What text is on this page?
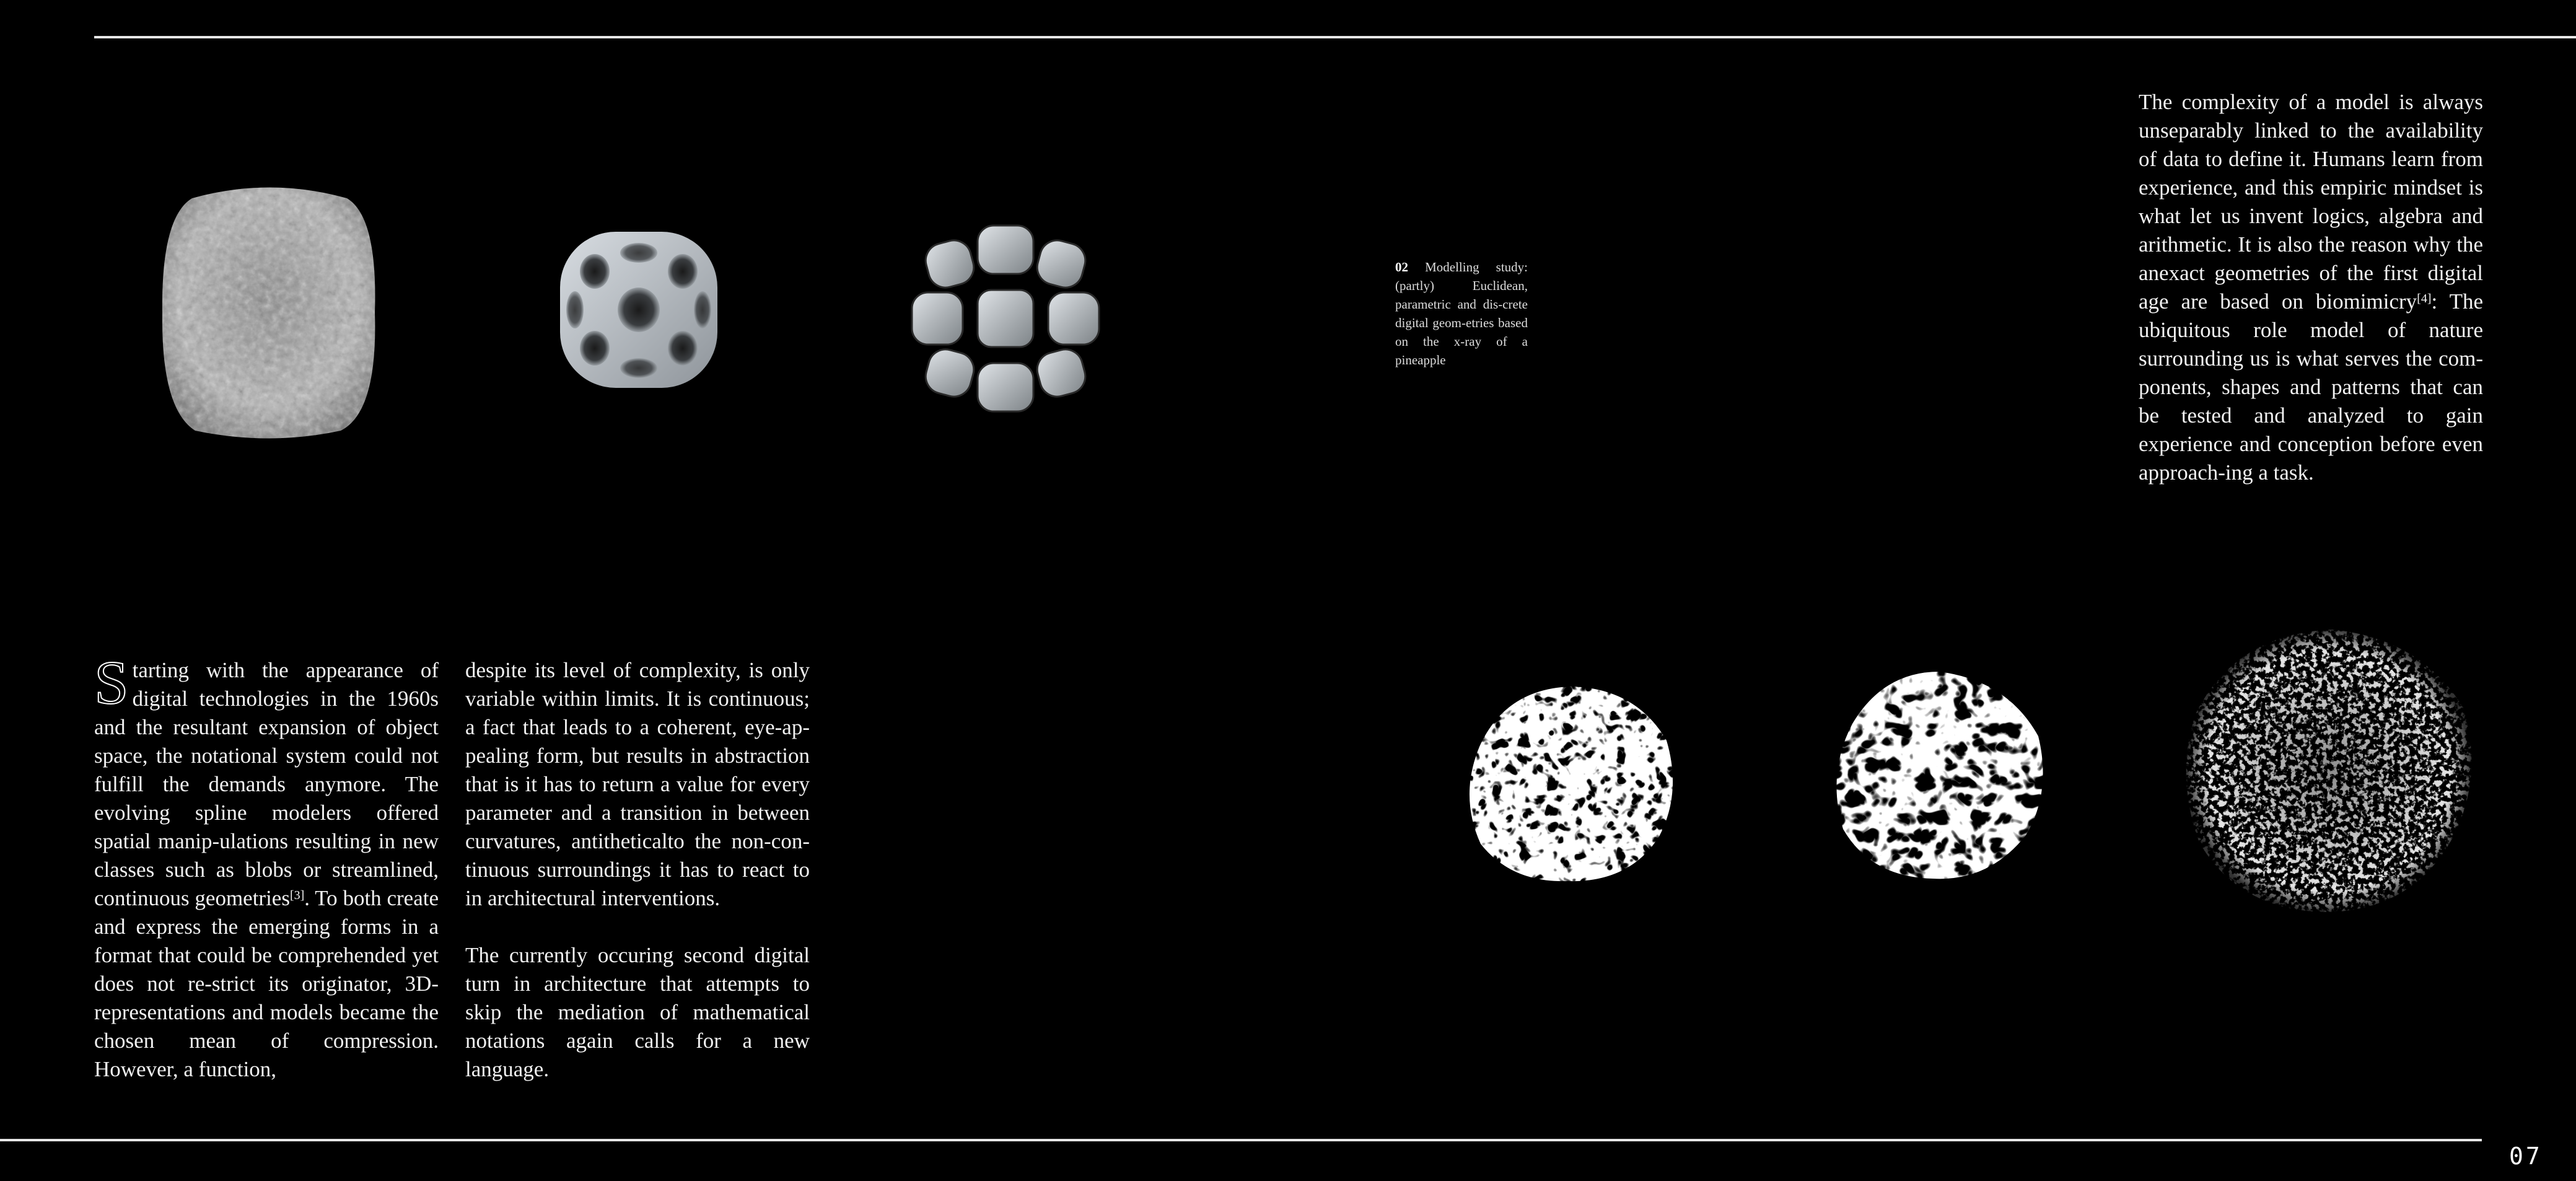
07
02 Modelling study: (partly) Euclidean, parametric and dis-crete digital geom-etries based on the x-ray of a pineapple

The complexity of a model is always unseparably linked to the availability of data to define it. Humans learn from experience, and this empiric mindset is what let us invent logics, algebra and arithmetic. It is also the reason why the anexact geometries of the first digital age are based on biomimicry[4]: The ubiquitous role model of nature surrounding us is what serves the com-ponents, shapes and patterns that can be tested and analyzed to gain experience and conception before even approach-ing a task.

Starting with the appearance of digital technologies in the 1960s and the resultant expansion of object space, the notational system could not fulfill the demands anymore. The evolving spline modelers offered spatial manip-ulations resulting in new classes such as blobs or streamlined, continuous geometries[3]. To both create and express the emerging forms in a format that could be comprehended yet does not re-strict its originator, 3D-representations and models became the chosen mean of compression. However, a function,

despite its level of complexity, is only variable within limits. It is continuous; a fact that leads to a coherent, eye-ap-pealing form, but results in abstraction that is it has to return a value for every parameter and a transition in between curvatures, antitheticalto the non-con-tinuous surroundings it has to react to in architectural interventions.

The currently occuring second digital turn in architecture that attempts to skip the mediation of mathematical notations again calls for a new language.
